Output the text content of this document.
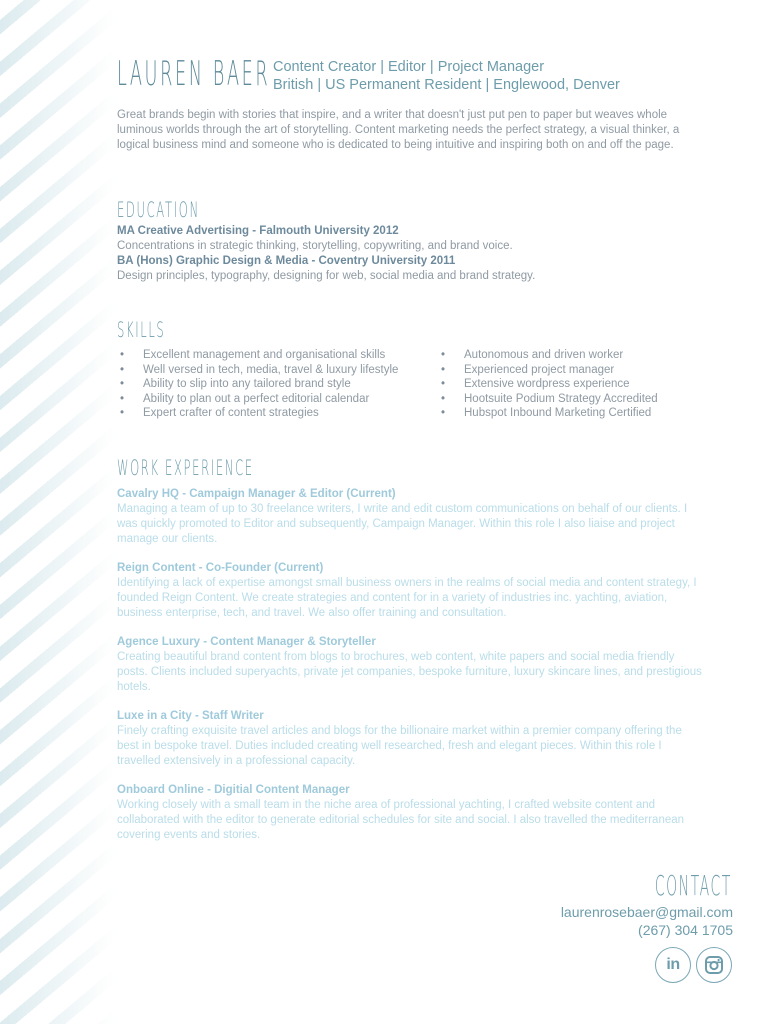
LAUREN BAER Content Creator | Editor | Project Manager
British | US Permanent Resident | Englewood, Denver
Great brands begin with stories that inspire, and a writer that doesn't just put pen to paper but weaves whole luminous worlds through the art of storytelling. Content marketing needs the perfect strategy, a visual thinker, a logical business mind and someone who is dedicated to being intuitive and inspiring both on and off the page.
EDUCATION
MA Creative Advertising - Falmouth University 2012
Concentrations in strategic thinking, storytelling, copywriting, and brand voice.
BA (Hons) Graphic Design & Media - Coventry University 2011
Design principles, typography, designing for web, social media and brand strategy.
SKILLS
• Excellent management and organisational skills
• Well versed in tech, media, travel & luxury lifestyle
• Ability to slip into any tailored brand style
• Ability to plan out a perfect editorial calendar
• Expert crafter of content strategies
• Autonomous and driven worker
• Experienced project manager
• Extensive wordpress experience
• Hootsuite Podium Strategy Accredited
• Hubspot Inbound Marketing Certified
WORK EXPERIENCE
Cavalry HQ - Campaign Manager & Editor (Current)
Managing a team of up to 30 freelance writers, I write and edit custom communications on behalf of our clients. I was quickly promoted to Editor and subsequently, Campaign Manager. Within this role I also liaise and project manage our clients.
Reign Content - Co-Founder (Current)
Identifying a lack of expertise amongst small business owners in the realms of social media and content strategy, I founded Reign Content. We create strategies and content for in a variety of industries inc. yachting, aviation, business enterprise, tech, and travel. We also offer training and consultation.
Agence Luxury - Content Manager & Storyteller
Creating beautiful brand content from blogs to brochures, web content, white papers and social media friendly posts. Clients included superyachts, private jet companies, bespoke furniture, luxury skincare lines, and prestigious hotels.
Luxe in a City - Staff Writer
Finely crafting exquisite travel articles and blogs for the billionaire market within a premier company offering the best in bespoke travel. Duties included creating well researched, fresh and elegant pieces. Within this role I travelled extensively in a professional capacity.
Onboard Online - Digitial Content Manager
Working closely with a small team in the niche area of professional yachting, I crafted website content and collaborated with the editor to generate editorial schedules for site and social. I also travelled the mediterranean covering events and stories.
CONTACT
laurenrosebaer@gmail.com
(267) 304 1705
in
